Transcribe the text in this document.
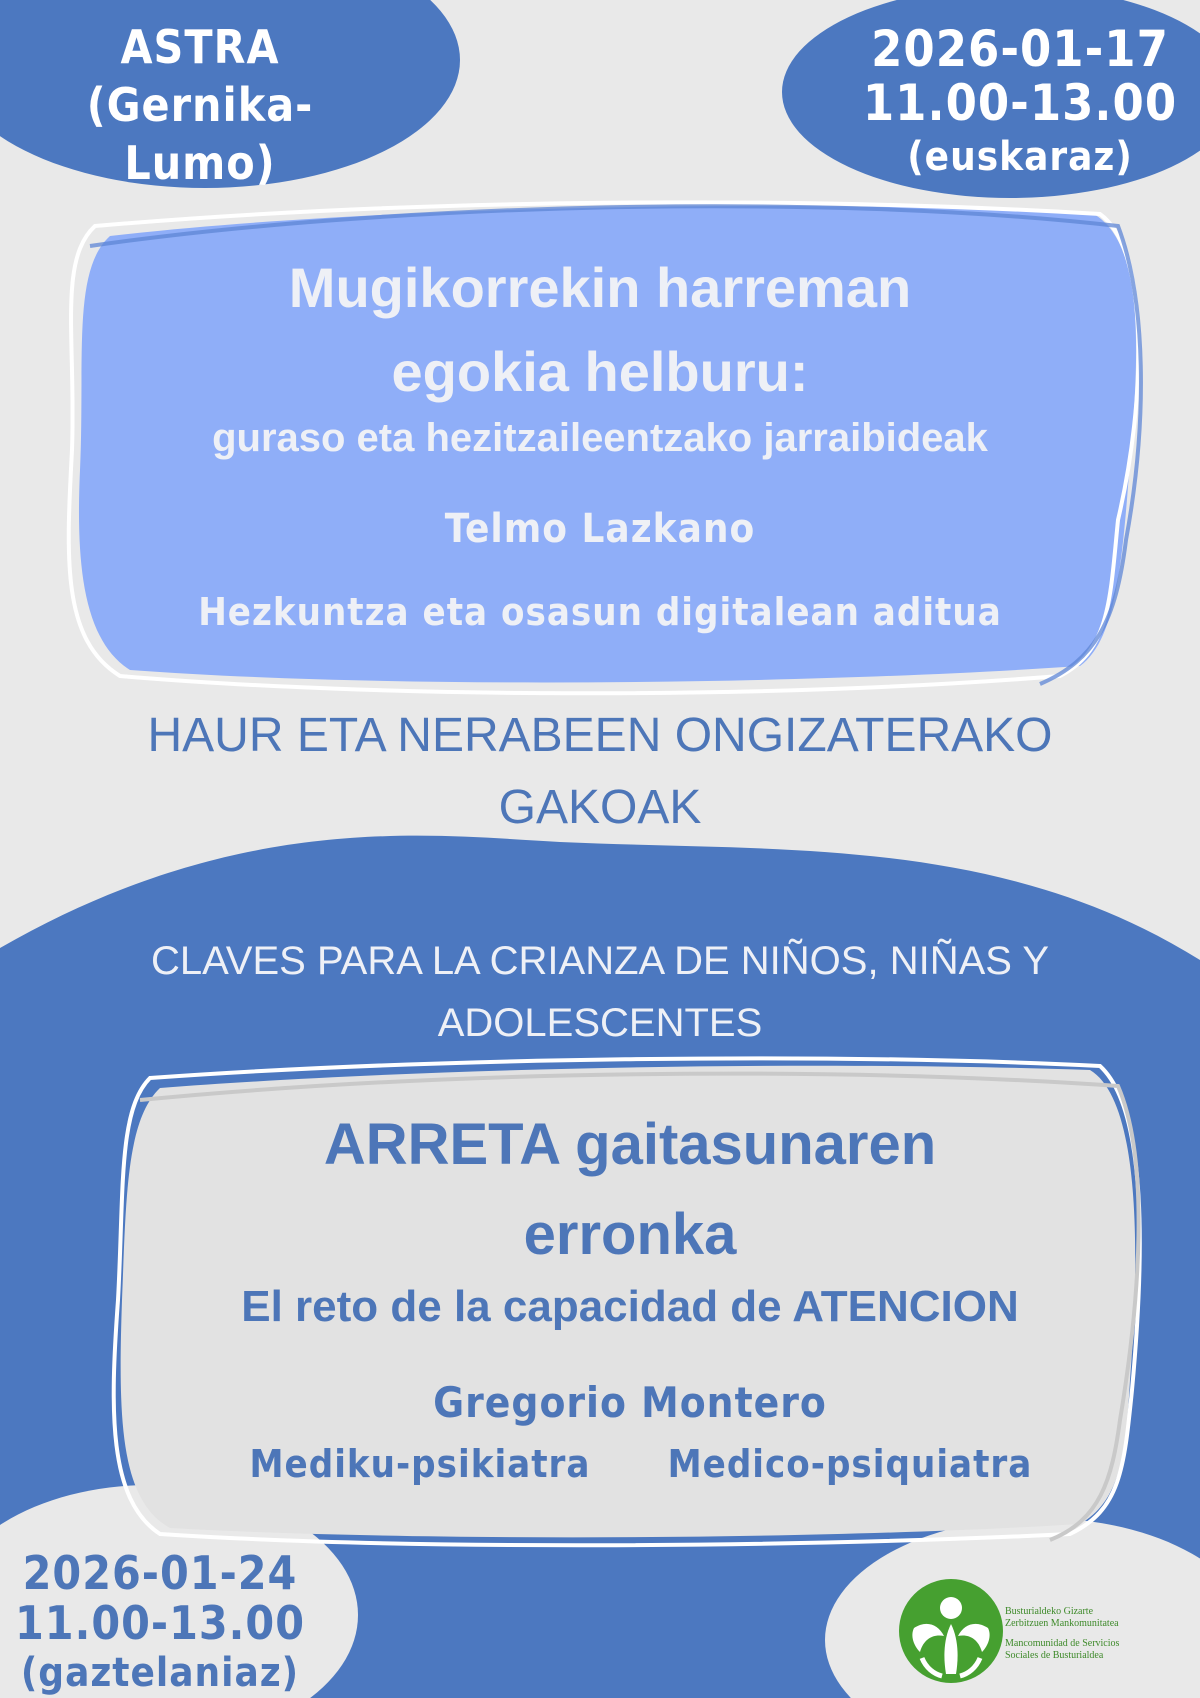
ASTRA
(Gernika-Lumo)
2026-01-17
11.00-13.00
(euskaraz)
Mugikorrekin harreman
egokia helburu:
guraso eta hezitzaileentzako jarraibideak
Telmo Lazkano
Hezkuntza eta osasun digitalean aditua
HAUR ETA NERABEEN ONGIZATERAKO GAKOAK
CLAVES PARA LA CRIANZA DE NIÑOS, NIÑAS Y ADOLESCENTES
ARRETA gaitasunaren
erronka
El reto de la capacidad de ATENCION
Gregorio Montero
Mediku-psikiatra	Medico-psiquiatra
2026-01-24
11.00-13.00
(gaztelaniaz)
Busturialdeko Gizarte
Zerbitzuen Mankomunitatea
Mancomunidad de Servicios
Sociales de Busturialdea
